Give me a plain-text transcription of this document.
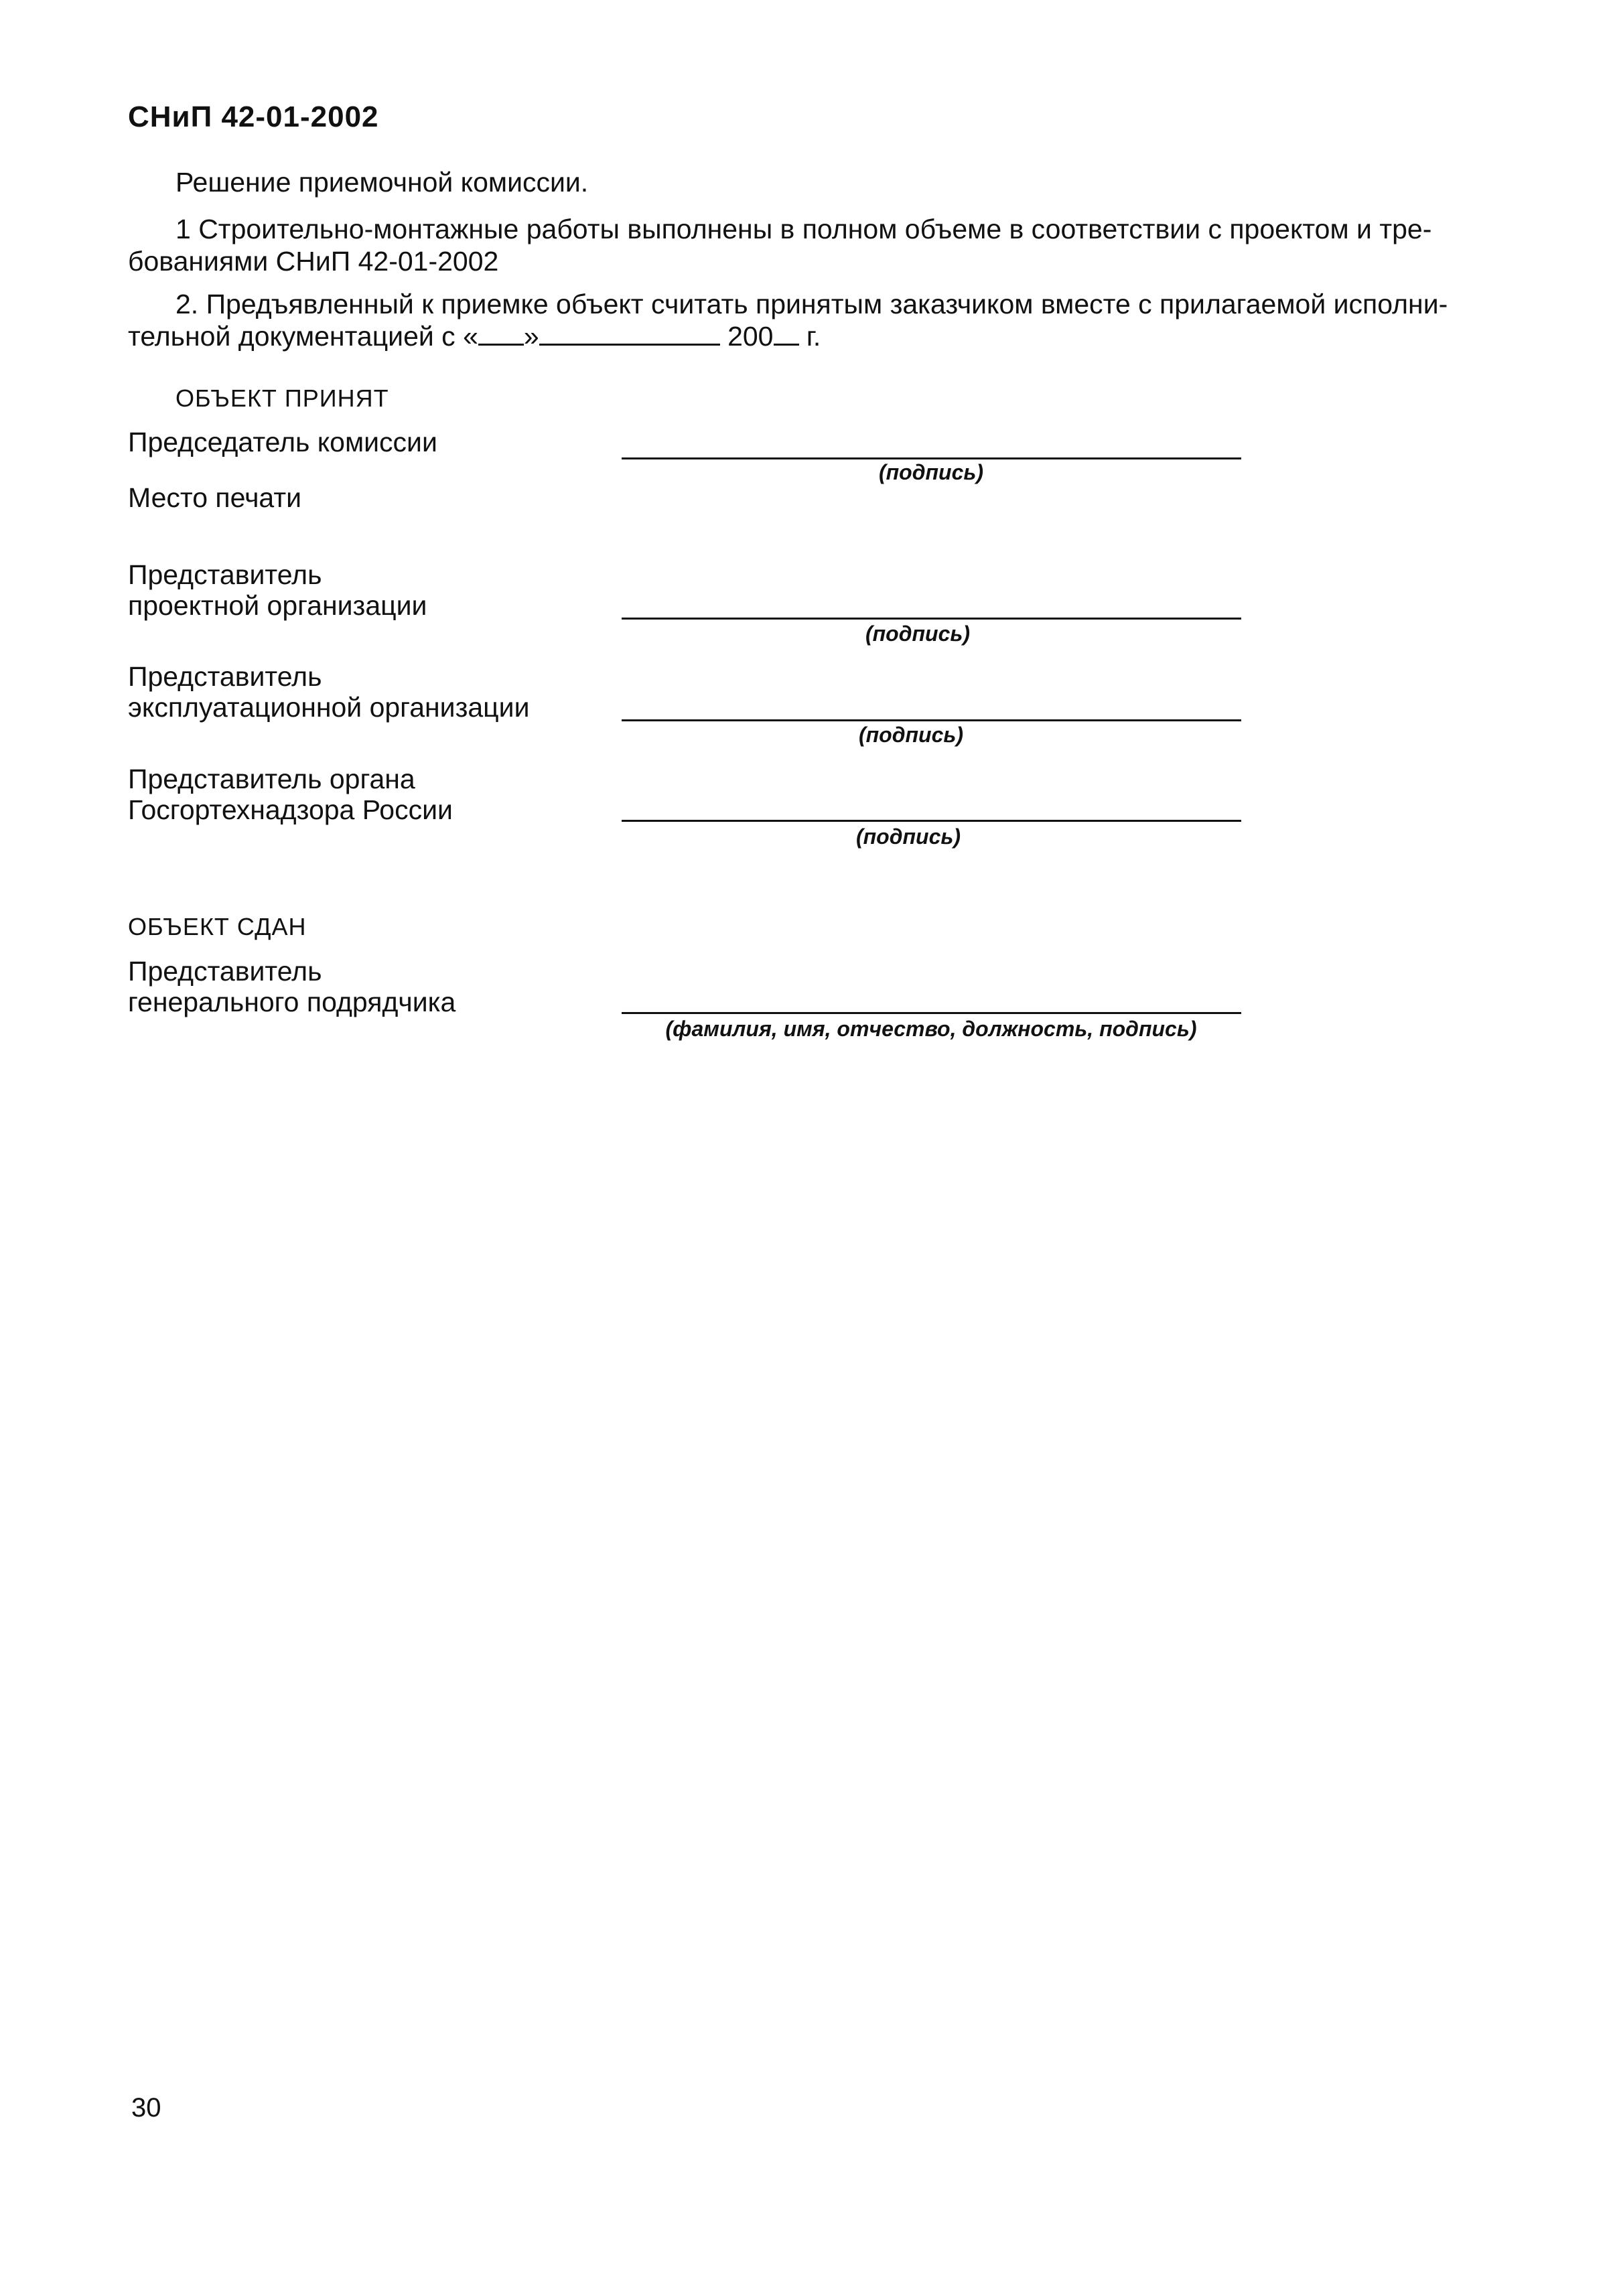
СНиП 42-01-2002
Решение приемочной комиссии.
1 Строительно-монтажные работы выполнены в полном объеме в соответствии с проектом и тре-
бованиями СНиП 42-01-2002
2. Предъявленный к приемке объект считать принятым заказчиком вместе с прилагаемой исполни-
тельной документацией с « »	200 г.
ОБЪЕКТ ПРИНЯТ
Председатель комиссии
(подпись)
Место печати
Представитель
проектной организации
(подпись)
Представитель
эксплуатационной организации
(подпись)
Представитель органа
Госгортехнадзора России
(подпись)
ОБЪЕКТ СДАН
Представитель
генерального подрядчика
(фамилия, имя, отчество, должность, подпись)
30
